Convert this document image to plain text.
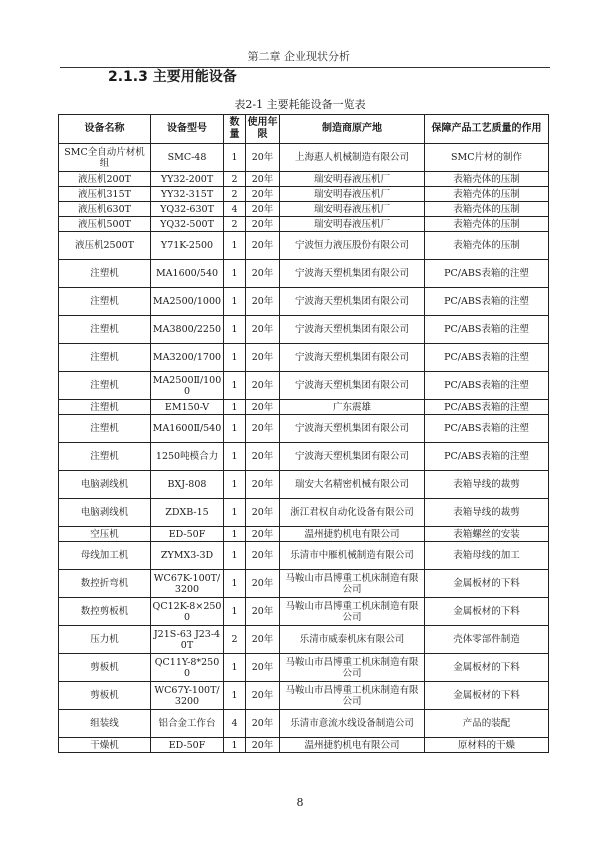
第二章 企业现状分析
2.1.3 主要用能设备
表2-1 主要耗能设备一览表
设备名称	设备型号	数量	使用年限	制造商原产地	保障产品工艺质量的作用
SMC全自动片材机组	SMC-48	1	20年	上海惠人机械制造有限公司	SMC片材的制作
液压机200T	YY32-200T	2	20年	瑞安明春液压机厂	表箱壳体的压制
液压机315T	YY32-315T	2	20年	瑞安明春液压机厂	表箱壳体的压制
液压机630T	YQ32-630T	4	20年	瑞安明春液压机厂	表箱壳体的压制
液压机500T	YQ32-500T	2	20年	瑞安明春液压机厂	表箱壳体的压制
液压机2500T	Y71K-2500	1	20年	宁波恒力液压股份有限公司	表箱壳体的压制
注塑机	MA1600/540	1	20年	宁波海天塑机集团有限公司	PC/ABS表箱的注塑
注塑机	MA2500/1000	1	20年	宁波海天塑机集团有限公司	PC/ABS表箱的注塑
注塑机	MA3800/2250	1	20年	宁波海天塑机集团有限公司	PC/ABS表箱的注塑
注塑机	MA3200/1700	1	20年	宁波海天塑机集团有限公司	PC/ABS表箱的注塑
注塑机	MA2500Ⅱ/1000	1	20年	宁波海天塑机集团有限公司	PC/ABS表箱的注塑
注塑机	EM150-V	1	20年	广东震雄	PC/ABS表箱的注塑
注塑机	MA1600Ⅱ/540	1	20年	宁波海天塑机集团有限公司	PC/ABS表箱的注塑
注塑机	1250吨模合力	1	20年	宁波海天塑机集团有限公司	PC/ABS表箱的注塑
电脑剥线机	BXJ-808	1	20年	瑞安大名精密机械有限公司	表箱导线的裁剪
电脑剥线机	ZDXB-15	1	20年	浙江君权自动化设备有限公司	表箱导线的裁剪
空压机	ED-50F	1	20年	温州捷豹机电有限公司	表箱螺丝的安装
母线加工机	ZYMX3-3D	1	20年	乐清市中雁机械制造有限公司	表箱母线的加工
数控折弯机	WC67K-100T/3200	1	20年	马鞍山市昌博重工机床制造有限公司	金属板材的下料
数控剪板机	QC12K-8×2500	1	20年	马鞍山市昌博重工机床制造有限公司	金属板材的下料
压力机	J21S-63 J23-40T	2	20年	乐清市威泰机床有限公司	壳体零部件制造
剪板机	QC11Y-8*2500	1	20年	马鞍山市昌博重工机床制造有限公司	金属板材的下料
剪板机	WC67Y-100T/3200	1	20年	马鞍山市昌博重工机床制造有限公司	金属板材的下料
组装线	铝合金工作台	4	20年	乐清市意流水线设备制造公司	产品的装配
干燥机	ED-50F	1	20年	温州捷豹机电有限公司	原材料的干燥
8
